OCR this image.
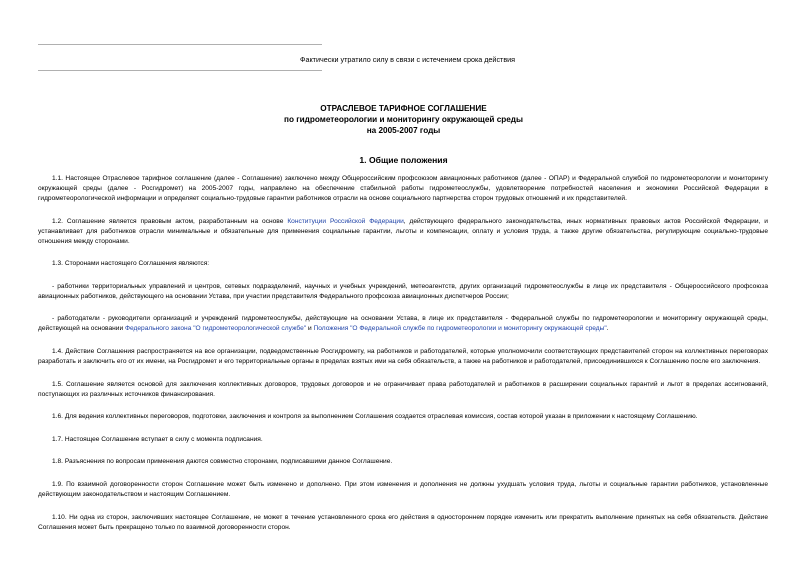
Фактически утратило силу в связи с истечением срока действия
ОТРАСЛЕВОЕ ТАРИФНОЕ СОГЛАШЕНИЕ
по гидрометеорологии и мониторингу окружающей среды
на 2005-2007 годы
1. Общие положения

1.1. Настоящее Отраслевое тарифное соглашение (далее - Соглашение) заключено между Общероссийским профсоюзом авиационных работников (далее - ОПАР) и Федеральной службой по гидрометеорологии и мониторингу окружающей среды (далее - Росгидромет) на 2005-2007 годы, направлено на обеспечение стабильной работы гидрометеослужбы, удовлетворение потребностей населения и экономики Российской Федерации в гидрометеорологической информации и определяет социально-трудовые гарантии работников отрасли на основе социального партнерства сторон трудовых отношений и их представителей.

1.2. Соглашение является правовым актом, разработанным на основе Конституции Российской Федерации, действующего федерального законодательства, иных нормативных правовых актов Российской Федерации, и устанавливает для работников отрасли минимальные и обязательные для применения социальные гарантии, льготы и компенсации, оплату и условия труда, а также другие обязательства, регулирующие социально-трудовые отношения между сторонами.

1.3. Сторонами настоящего Соглашения являются:

- работники территориальных управлений и центров, сетевых подразделений, научных и учебных учреждений, метеоагентств, других организаций гидрометеослужбы в лице их представителя - Общероссийского профсоюза авиационных работников, действующего на основании Устава, при участии представителя Федерального профсоюза авиационных диспетчеров России;

- работодатели - руководители организаций и учреждений гидрометеослужбы, действующие на основании Устава, в лице их представителя - Федеральной службы по гидрометеорологии и мониторингу окружающей среды, действующей на основании Федерального закона "О гидрометеорологической службе" и Положения "О Федеральной службе по гидрометеорологии и мониторингу окружающей среды".

1.4. Действие Соглашения распространяется на все организации, подведомственные Росгидромету, на работников и работодателей, которые уполномочили соответствующих представителей сторон на коллективных переговорах разработать и заключить его от их имени, на Росгидромет и его территориальные органы в пределах взятых ими на себя обязательств, а также на работников и работодателей, присоединившихся к Соглашению после его заключения.

1.5. Соглашение является основой для заключения коллективных договоров, трудовых договоров и не ограничивает права работодателей и работников в расширении социальных гарантий и льгот в пределах ассигнований, поступающих из различных источников финансирования.

1.6. Для ведения коллективных переговоров, подготовки, заключения и контроля за выполнением Соглашения создается отраслевая комиссия, состав которой указан в приложении к настоящему Соглашению.

1.7. Настоящее Соглашение вступает в силу с момента подписания.

1.8. Разъяснения по вопросам применения даются совместно сторонами, подписавшими данное Соглашение.

1.9. По взаимной договоренности сторон Соглашение может быть изменено и дополнено. При этом изменения и дополнения не должны ухудшать условия труда, льготы и социальные гарантии работников, установленные действующим законодательством и настоящим Соглашением.

1.10. Ни одна из сторон, заключивших настоящее Соглашение, не может в течение установленного срока его действия в одностороннем порядке изменить или прекратить выполнение принятых на себя обязательств. Действие Соглашения может быть прекращено только по взаимной договоренности сторон.
